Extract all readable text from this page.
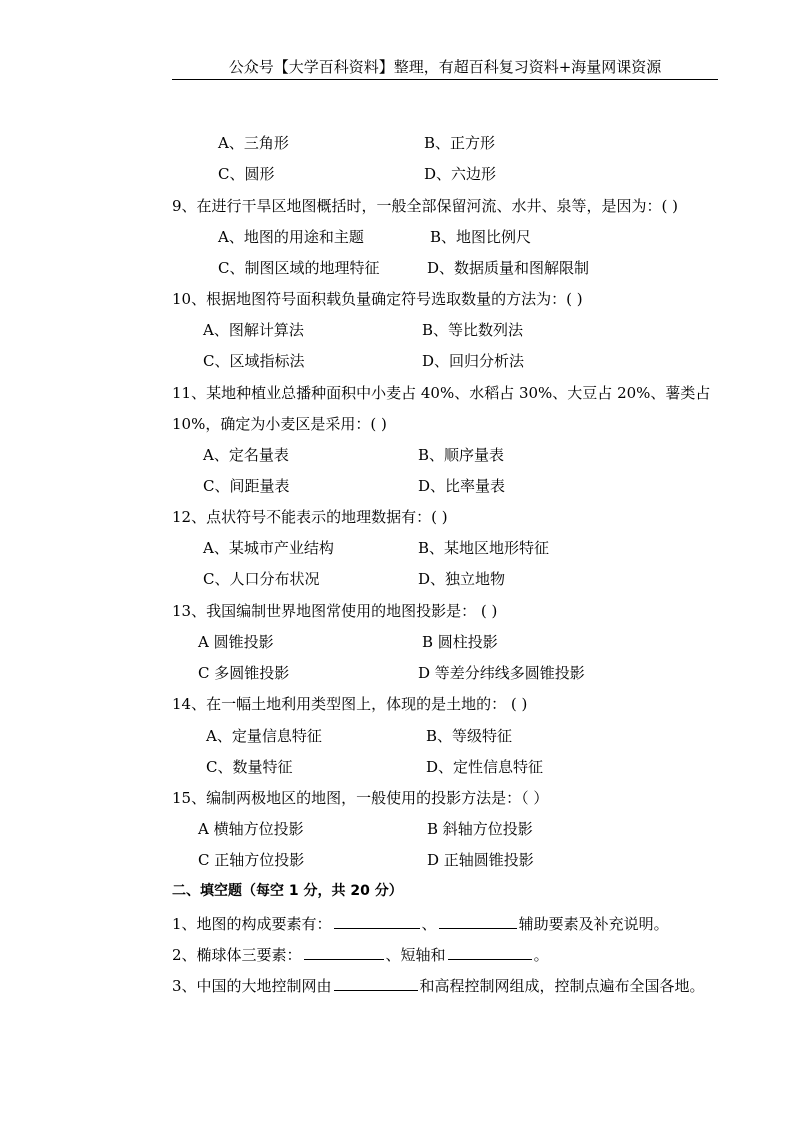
公众号【大学百科资料】整理，有超百科复习资料+海量网课资源
A、三角形	B、正方形
C、圆形	D、六边形
9、在进行干旱区地图概括时，一般全部保留河流、水井、泉等，是因为：( )
A、地图的用途和主题	B、地图比例尺
C、制图区域的地理特征	D、数据质量和图解限制
10、根据地图符号面积载负量确定符号选取数量的方法为：( )
A、图解计算法	B、等比数列法
C、区域指标法	D、回归分析法
11、某地种植业总播种面积中小麦占 40%、水稻占 30%、大豆占 20%、薯类占
10%，确定为小麦区是采用：( )
A、定名量表	B、顺序量表
C、间距量表	D、比率量表
12、点状符号不能表示的地理数据有：( )
A、某城市产业结构	B、某地区地形特征
C、人口分布状况	D、独立地物
13、我国编制世界地图常使用的地图投影是： ( )
A 圆锥投影	B 圆柱投影
C 多圆锥投影	D 等差分纬线多圆锥投影
14、在一幅土地利用类型图上，体现的是土地的： ( )
A、定量信息特征	B、等级特征
C、数量特征	D、定性信息特征
15、编制两极地区的地图，一般使用的投影方法是：（ ）
A 横轴方位投影	B 斜轴方位投影
C 正轴方位投影	D 正轴圆锥投影
二、填空题（每空 1 分，共 20 分）
1、地图的构成要素有：	、	辅助要素及补充说明。
2、椭球体三要素：	、短轴和	。
3、中国的大地控制网由	和高程控制网组成，控制点遍布全国各地。
